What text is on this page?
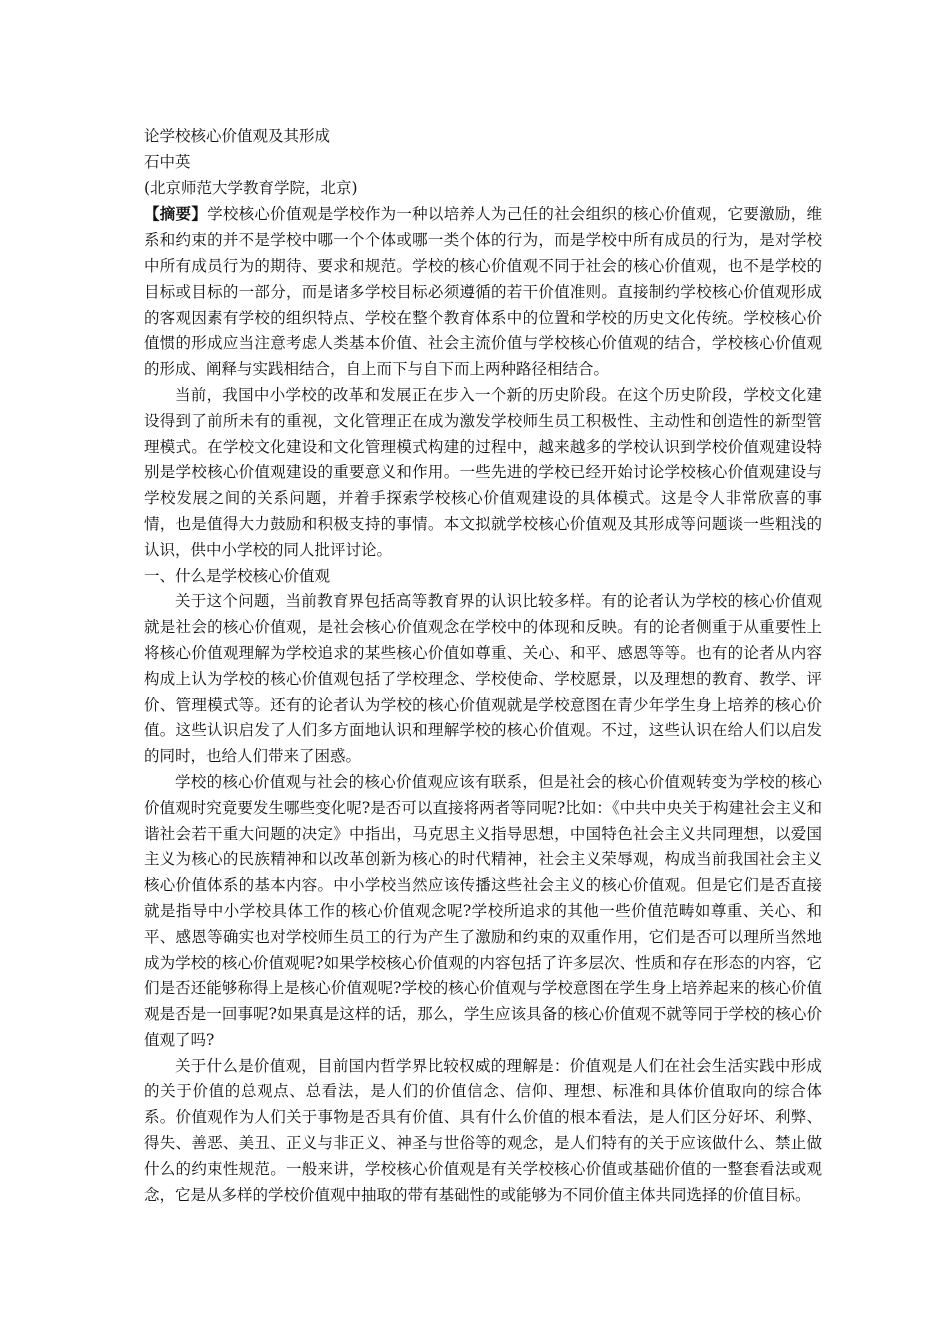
论学校核心价值观及其形成

石中英

(北京师范大学教育学院，北京)

【摘要】学校核心价值观是学校作为一种以培养人为己任的社会组织的核心价值观，它要激励，维系和约束的并不是学校中哪一个个体或哪一类个体的行为，而是学校中所有成员的行为，是对学校中所有成员行为的期待、要求和规范。学校的核心价值观不同于社会的核心价值观，也不是学校的目标或目标的一部分，而是诸多学校目标必须遵循的若干价值准则。直接制约学校核心价值观形成的客观因素有学校的组织特点、学校在整个教育体系中的位置和学校的历史文化传统。学校核心价值惯的形成应当注意考虑人类基本价值、社会主流价值与学校核心价值观的结合，学校核心价值观的形成、阐释与实践相结合，自上而下与自下而上两种路径相结合。

当前，我国中小学校的改革和发展正在步入一个新的历史阶段。在这个历史阶段，学校文化建设得到了前所未有的重视，文化管理正在成为激发学校师生员工积极性、主动性和创造性的新型管理模式。在学校文化建设和文化管理模式构建的过程中，越来越多的学校认识到学校价值观建设特别是学校核心价值观建设的重要意义和作用。一些先进的学校已经开始讨论学校核心价值观建设与学校发展之间的关系问题，并着手探索学校核心价值观建设的具体模式。这是令人非常欣喜的事情，也是值得大力鼓励和积极支持的事情。本文拟就学校核心价值观及其形成等问题谈一些粗浅的认识，供中小学校的同人批评讨论。

一、什么是学校核心价值观

关于这个问题，当前教育界包括高等教育界的认识比较多样。有的论者认为学校的核心价值观就是社会的核心价值观，是社会核心价值观念在学校中的体现和反映。有的论者侧重于从重要性上将核心价值观理解为学校追求的某些核心价值如尊重、关心、和平、感恩等等。也有的论者从内容构成上认为学校的核心价值观包括了学校理念、学校使命、学校愿景，以及理想的教育、教学、评价、管理模式等。还有的论者认为学校的核心价值观就是学校意图在青少年学生身上培养的核心价值。这些认识启发了人们多方面地认识和理解学校的核心价值观。不过，这些认识在给人们以启发的同时，也给人们带来了困惑。

学校的核心价值观与社会的核心价值观应该有联系，但是社会的核心价值观转变为学校的核心价值观时究竟要发生哪些变化呢?是否可以直接将两者等同呢?比如：《中共中央关于构建社会主义和谐社会若干重大问题的决定》中指出，马克思主义指导思想，中国特色社会主义共同理想，以爱国主义为核心的民族精神和以改革创新为核心的时代精神，社会主义荣辱观，构成当前我国社会主义核心价值体系的基本内容。中小学校当然应该传播这些社会主义的核心价值观。但是它们是否直接就是指导中小学校具体工作的核心价值观念呢?学校所追求的其他一些价值范畴如尊重、关心、和平、感恩等确实也对学校师生员工的行为产生了激励和约束的双重作用，它们是否可以理所当然地成为学校的核心价值观呢?如果学校核心价值观的内容包括了许多层次、性质和存在形态的内容，它们是否还能够称得上是核心价值观呢?学校的核心价值观与学校意图在学生身上培养起来的核心价值观是否是一回事呢?如果真是这样的话，那么，学生应该具备的核心价值观不就等同于学校的核心价值观了吗?

关于什么是价值观，目前国内哲学界比较权威的理解是：价值观是人们在社会生活实践中形成的关于价值的总观点、总看法，是人们的价值信念、信仰、理想、标准和具体价值取向的综合体系。价值观作为人们关于事物是否具有价值、具有什么价值的根本看法，是人们区分好坏、利弊、得失、善恶、美丑、正义与非正义、神圣与世俗等的观念，是人们特有的关于应该做什么、禁止做什么的约束性规范。一般来讲，学校核心价值观是有关学校核心价值或基础价值的一整套看法或观念，它是从多样的学校价值观中抽取的带有基础性的或能够为不同价值主体共同选择的价值目标。
